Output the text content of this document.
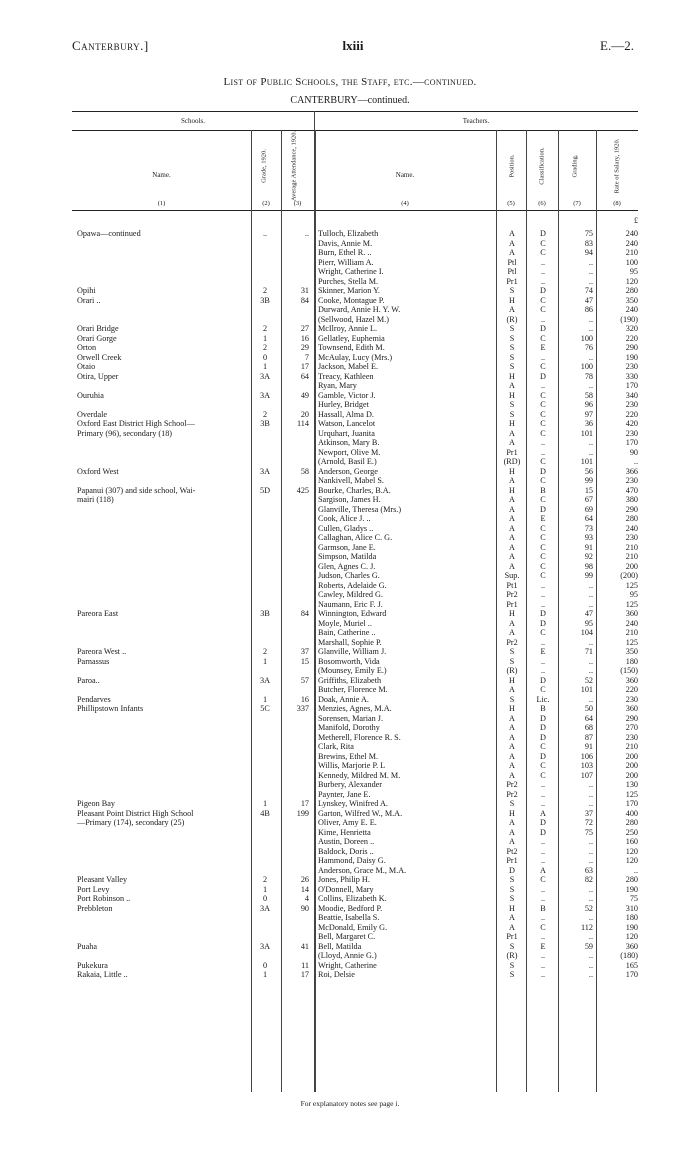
Canterbury.]	lxiii	E.—2.
List of Public Schools, the Staff, etc.—continued.
CANTERBURY—continued.
Schools.	Teachers.
Name.	Grade, 1920.	Average Attendance, 1920.	Name.	Position.	Classification.	Grading.	Rate of Salary, 1920.
(1)	(2)	(3)	(4)	(5)	(6)	(7)	(8)
£
Opawa—continued	..	.. Tulloch, Elizabeth	A	D	75	240
Davis, Annie M.	A	C	83	240
Burn, Ethel R. ..	A	C	94	210
Pierr, William A.	Ptl	..	..	100
Wright, Catherine I.	Ptl	..	..	95
Purches, Stella M.	Pr1	..	..	120
Opihi	2	31 Skinner, Marion Y.	S	D	74	280
Orari ..	3B	84 Cooke, Montague P.	H	C	47	350
Durward, Annie H. Y. W.	A	C	86	240
(Sellwood, Hazel M.)	(R)	..	..	(190)
Orari Bridge	2	27 McIlroy, Annie L.	S	D	..	320
Orari Gorge	1	16 Gellatley, Euphemia	S	C	100	220
Orton	2	29 Townsend, Edith M.	S	E	76	290
Orwell Creek	0	7 McAulay, Lucy (Mrs.)	S	..	..	190
Otaio	1	17 Jackson, Mabel E.	S	C	100	230
Otira, Upper	3A	64 Treacy, Kathleen	H	D	78	330
Ryan, Mary	A	..	..	170
Ouruhia	3A	49 Gamble, Victor J.	H	C	58	340
Hurley, Bridget	S	C	96	230
Overdale	2	20 Hassall, Alma D.	S	C	97	220
Oxford East District High School—	3B	114 Watson, Lancelot	H	C	36	420
Primary (96), secondary (18)	Urquhart, Juanita	A	C	101	230
Atkinson, Mary B.	A	..	..	170
Newport, Olive M.	Pr1	..	..	90
(Arnold, Basil E.)	(RD)	C	101	..
Oxford West	3A	58 Anderson, George	H	D	56	366
Nankivell, Mabel S.	A	C	99	230
Papanui (307) and side school, Wai-	5D	425 Bourke, Charles, B.A.	H	B	15	470
mairi (118)	Sargison, James H.	A	C	67	380
Glanville, Theresa (Mrs.)	A	D	69	290
Cook, Alice J. ..	A	E	64	280
Cullen, Gladys ..	A	C	73	240
Callaghan, Alice C. G.	A	C	93	230
Garmson, Jane E.	A	C	91	210
Simpson, Matilda	A	C	92	210
Glen, Agnes C. J.	A	C	98	200
Judson, Charles G.	Sup.	C	99	(200)
Roberts, Adelaide G.	Pt1	..	..	125
Cawley, Mildred G.	Pr2	..	..	95
Naumann, Eric F. J.	Pr1	..	..	125
Pareora East	3B	84 Winnington, Edward	H	D	47	360
Moyle, Muriel ..	A	D	95	240
Bain, Catherine ..	A	C	104	210
Marshall, Sophie P.	Pr2	..	..	125
Pareora West ..	2	37 Glanville, William J.	S	E	71	350
Parnassus	1	15 Bosomworth, Vida	S	..	..	180
(Mounsey, Emily E.)	(R)	..	..	(150)
Paroa..	3A	57 Griffiths, Elizabeth	H	D	52	360
Butcher, Florence M.	A	C	101	220
Pendarves	1	16 Doak, Annie A.	S	Lic.	..	230
Phillipstown Infants	5C	337 Menzies, Agnes, M.A.	H	B	50	360
Sorensen, Marian J.	A	D	64	290
Manifold, Dorothy	A	D	68	270
Metherell, Florence R. S.	A	D	87	230
Clark, Rita	A	C	91	210
Brewins, Ethel M.	A	D	106	200
Willis, Marjorie P. L	A	C	103	200
Kennedy, Mildred M. M.	A	C	107	200
Burbery, Alexander	Pr2	..	..	130
Paynter, Jane E.	Pr2	..	..	125
Pigeon Bay	1	17 Lynskey, Winifred A.	S	..	..	170
Pleasant Point District High School	4B	199 Garton, Wilfred W., M.A.	H	A	37	400
—Primary (174), secondary (25)	Oliver, Amy E. E.	A	D	72	280
Kime, Henrietta	A	D	75	250
Austin, Doreen ..	A	..	..	160
Baldock, Doris ..	Pt2	..	..	120
Hammond, Daisy G.	Pr1	..	..	120
Anderson, Grace M., M.A.	D	A	63	..
Pleasant Valley	2	26 Jones, Philip H.	S	C	82	280
Port Levy	1	14 O'Donnell, Mary	S	..	..	190
Port Robinson ..	0	4 Collins, Elizabeth K.	S	..	..	75
Prebbleton	3A	90 Moodie, Bedford P.	H	B	52	310
Beattie, Isabella S.	A	..	..	180
McDonald, Emily G.	A	C	112	190
Bell, Margaret C.	Pr1	..	..	120
Puaha	3A	41 Bell, Matilda	S	E	59	360
(Lloyd, Annie G.)	(R)	..	..	(180)
Pukekura	0	11 Wright, Catherine	S	..	..	165
Rakaia, Little ..	1	17 Roi, Delsie	S	..	..	170
For explanatory notes see page i.
